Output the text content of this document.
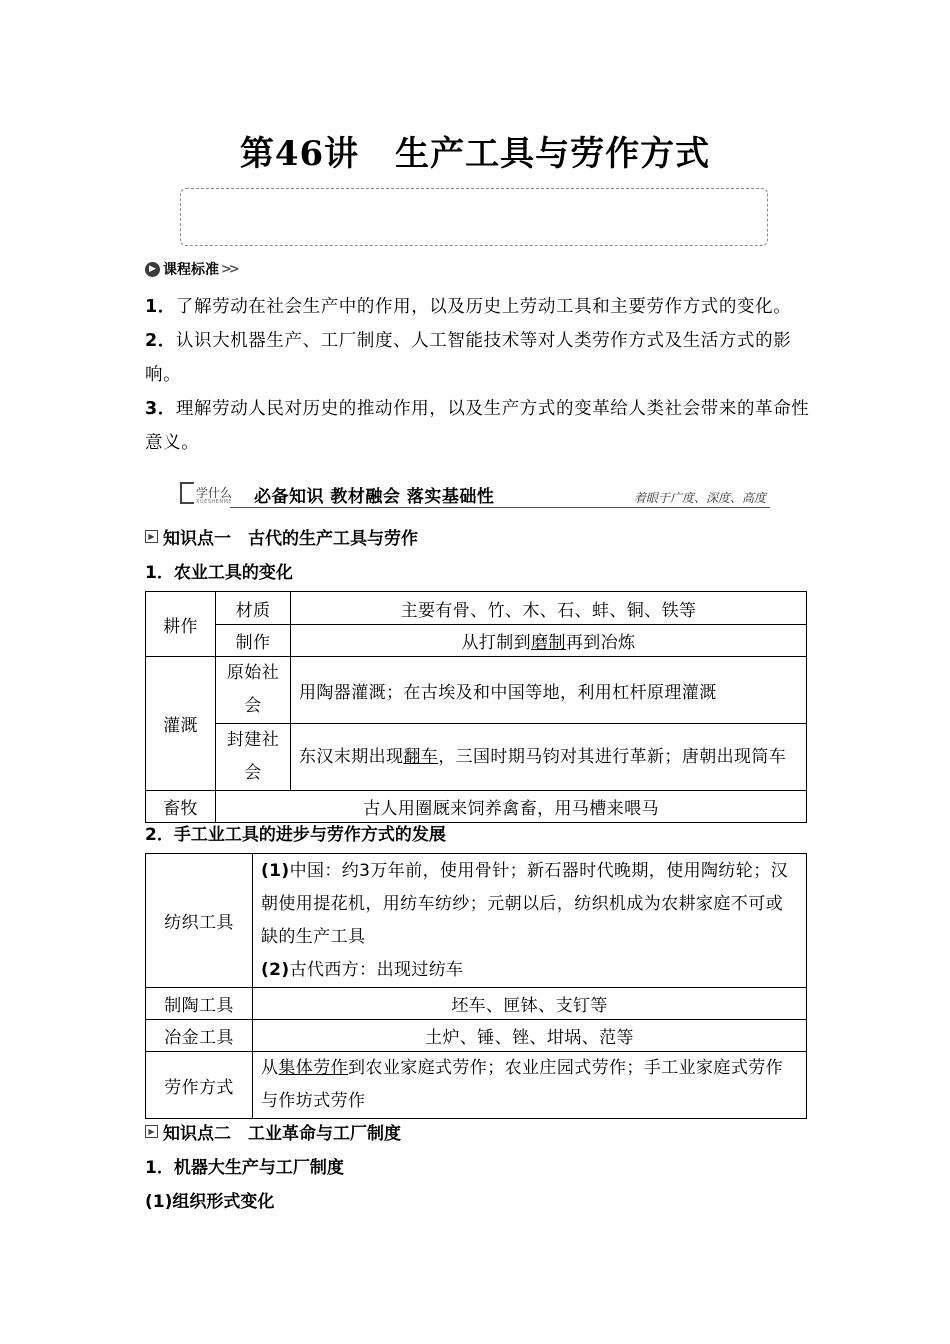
第46讲 生产工具与劳作方式
▶ 课程标准 >>
1．了解劳动在社会生产中的作用，以及历史上劳动工具和主要劳作方式的变化。
2．认识大机器生产、工厂制度、人工智能技术等对人类劳作方式及生活方式的影响。
3．理解劳动人民对历史的推动作用，以及生产方式的变革给人类社会带来的革命性意义。
学什么
XUESHENME 必备知识 教材融会 落实基础性	着眼于广度、深度、高度
▶ 知识点一　古代的生产工具与劳作
1．农业工具的变化
耕作	材质	主要有骨、竹、木、石、蚌、铜、铁等
	制作	从打制到磨制再到冶炼
灌溉	原始社会	用陶器灌溉；在古埃及和中国等地，利用杠杆原理灌溉
	封建社会	东汉末期出现翻车，三国时期马钧对其进行革新；唐朝出现筒车
畜牧	古人用圈厩来饲养禽畜，用马槽来喂马	
2．手工业工具的进步与劳作方式的发展
纺织工具	(1)中国：约3万年前，使用骨针；新石器时代晚期，使用陶纺轮；汉朝使用提花机，用纺车纺纱；元朝以后，纺织机成为农耕家庭不可或缺的生产工具
(2)古代西方：出现过纺车

制陶工具	坯车、匣钵、支钉等
冶金工具	土炉、锤、锉、坩埚、范等
劳作方式	从集体劳作到农业家庭式劳作；农业庄园式劳作；手工业家庭式劳作与作坊式劳作
▶ 知识点二　工业革命与工厂制度
1．机器大生产与工厂制度
(1)组织形式变化
